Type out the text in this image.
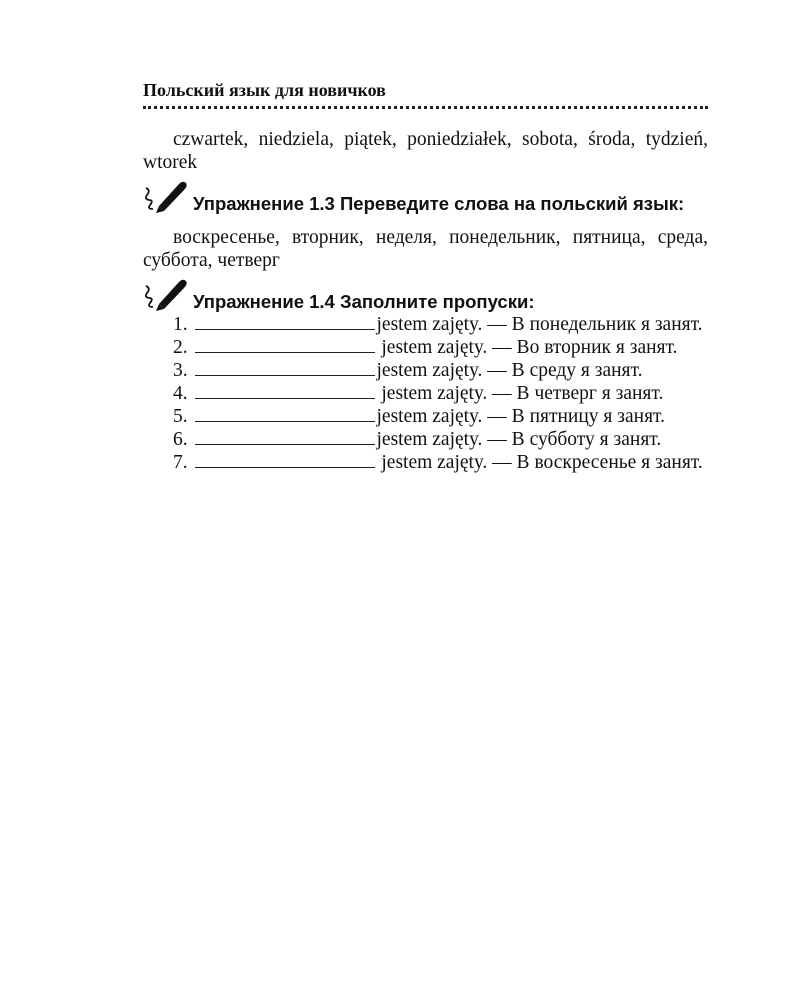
Польский язык для новичков

czwartek, niedziela, piątek, poniedziałek, sobota, środa, tydzień, wtorek

Упражнение 1.3 Переведите слова на польский язык:

воскресенье, вторник, неделя, понедельник, пятница, среда, суббота, четверг

Упражнение 1.4 Заполните пропуски:

1.	jestem zajęty. — В понедельник я занят.

2.	jestem zajęty. — Во вторник я занят.

3.	jestem zajęty. — В среду я занят.

4.	jestem zajęty. — В четверг я занят.

5.	jestem zajęty. — В пятницу я занят.

6.	jestem zajęty. — В субботу я занят.

7.	jestem zajęty. — В воскресенье я занят.
